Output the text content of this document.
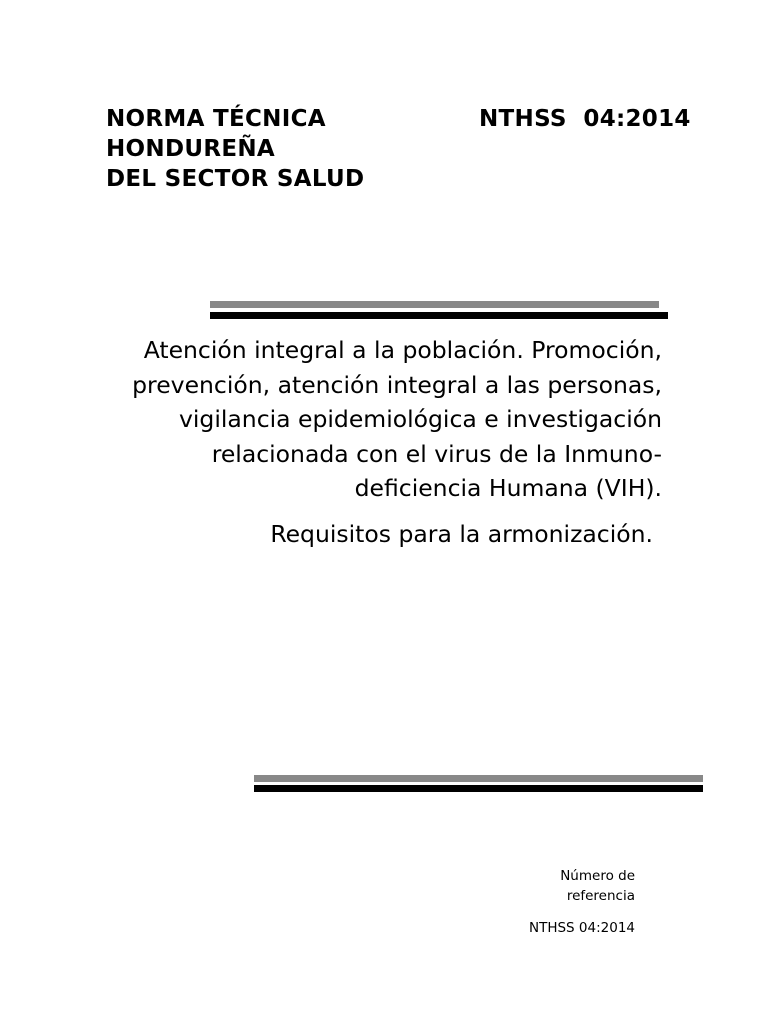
NORMA TÉCNICA
HONDUREÑA
DEL SECTOR SALUD
NTHSS  04:2014
Atención integral a la población. Promoción, prevención, atención integral a las personas, vigilancia epidemiológica e investigación relacionada con el virus de la Inmuno-deficiencia Humana (VIH).
Requisitos para la armonización.
Número de
referencia
NTHSS 04:2014
